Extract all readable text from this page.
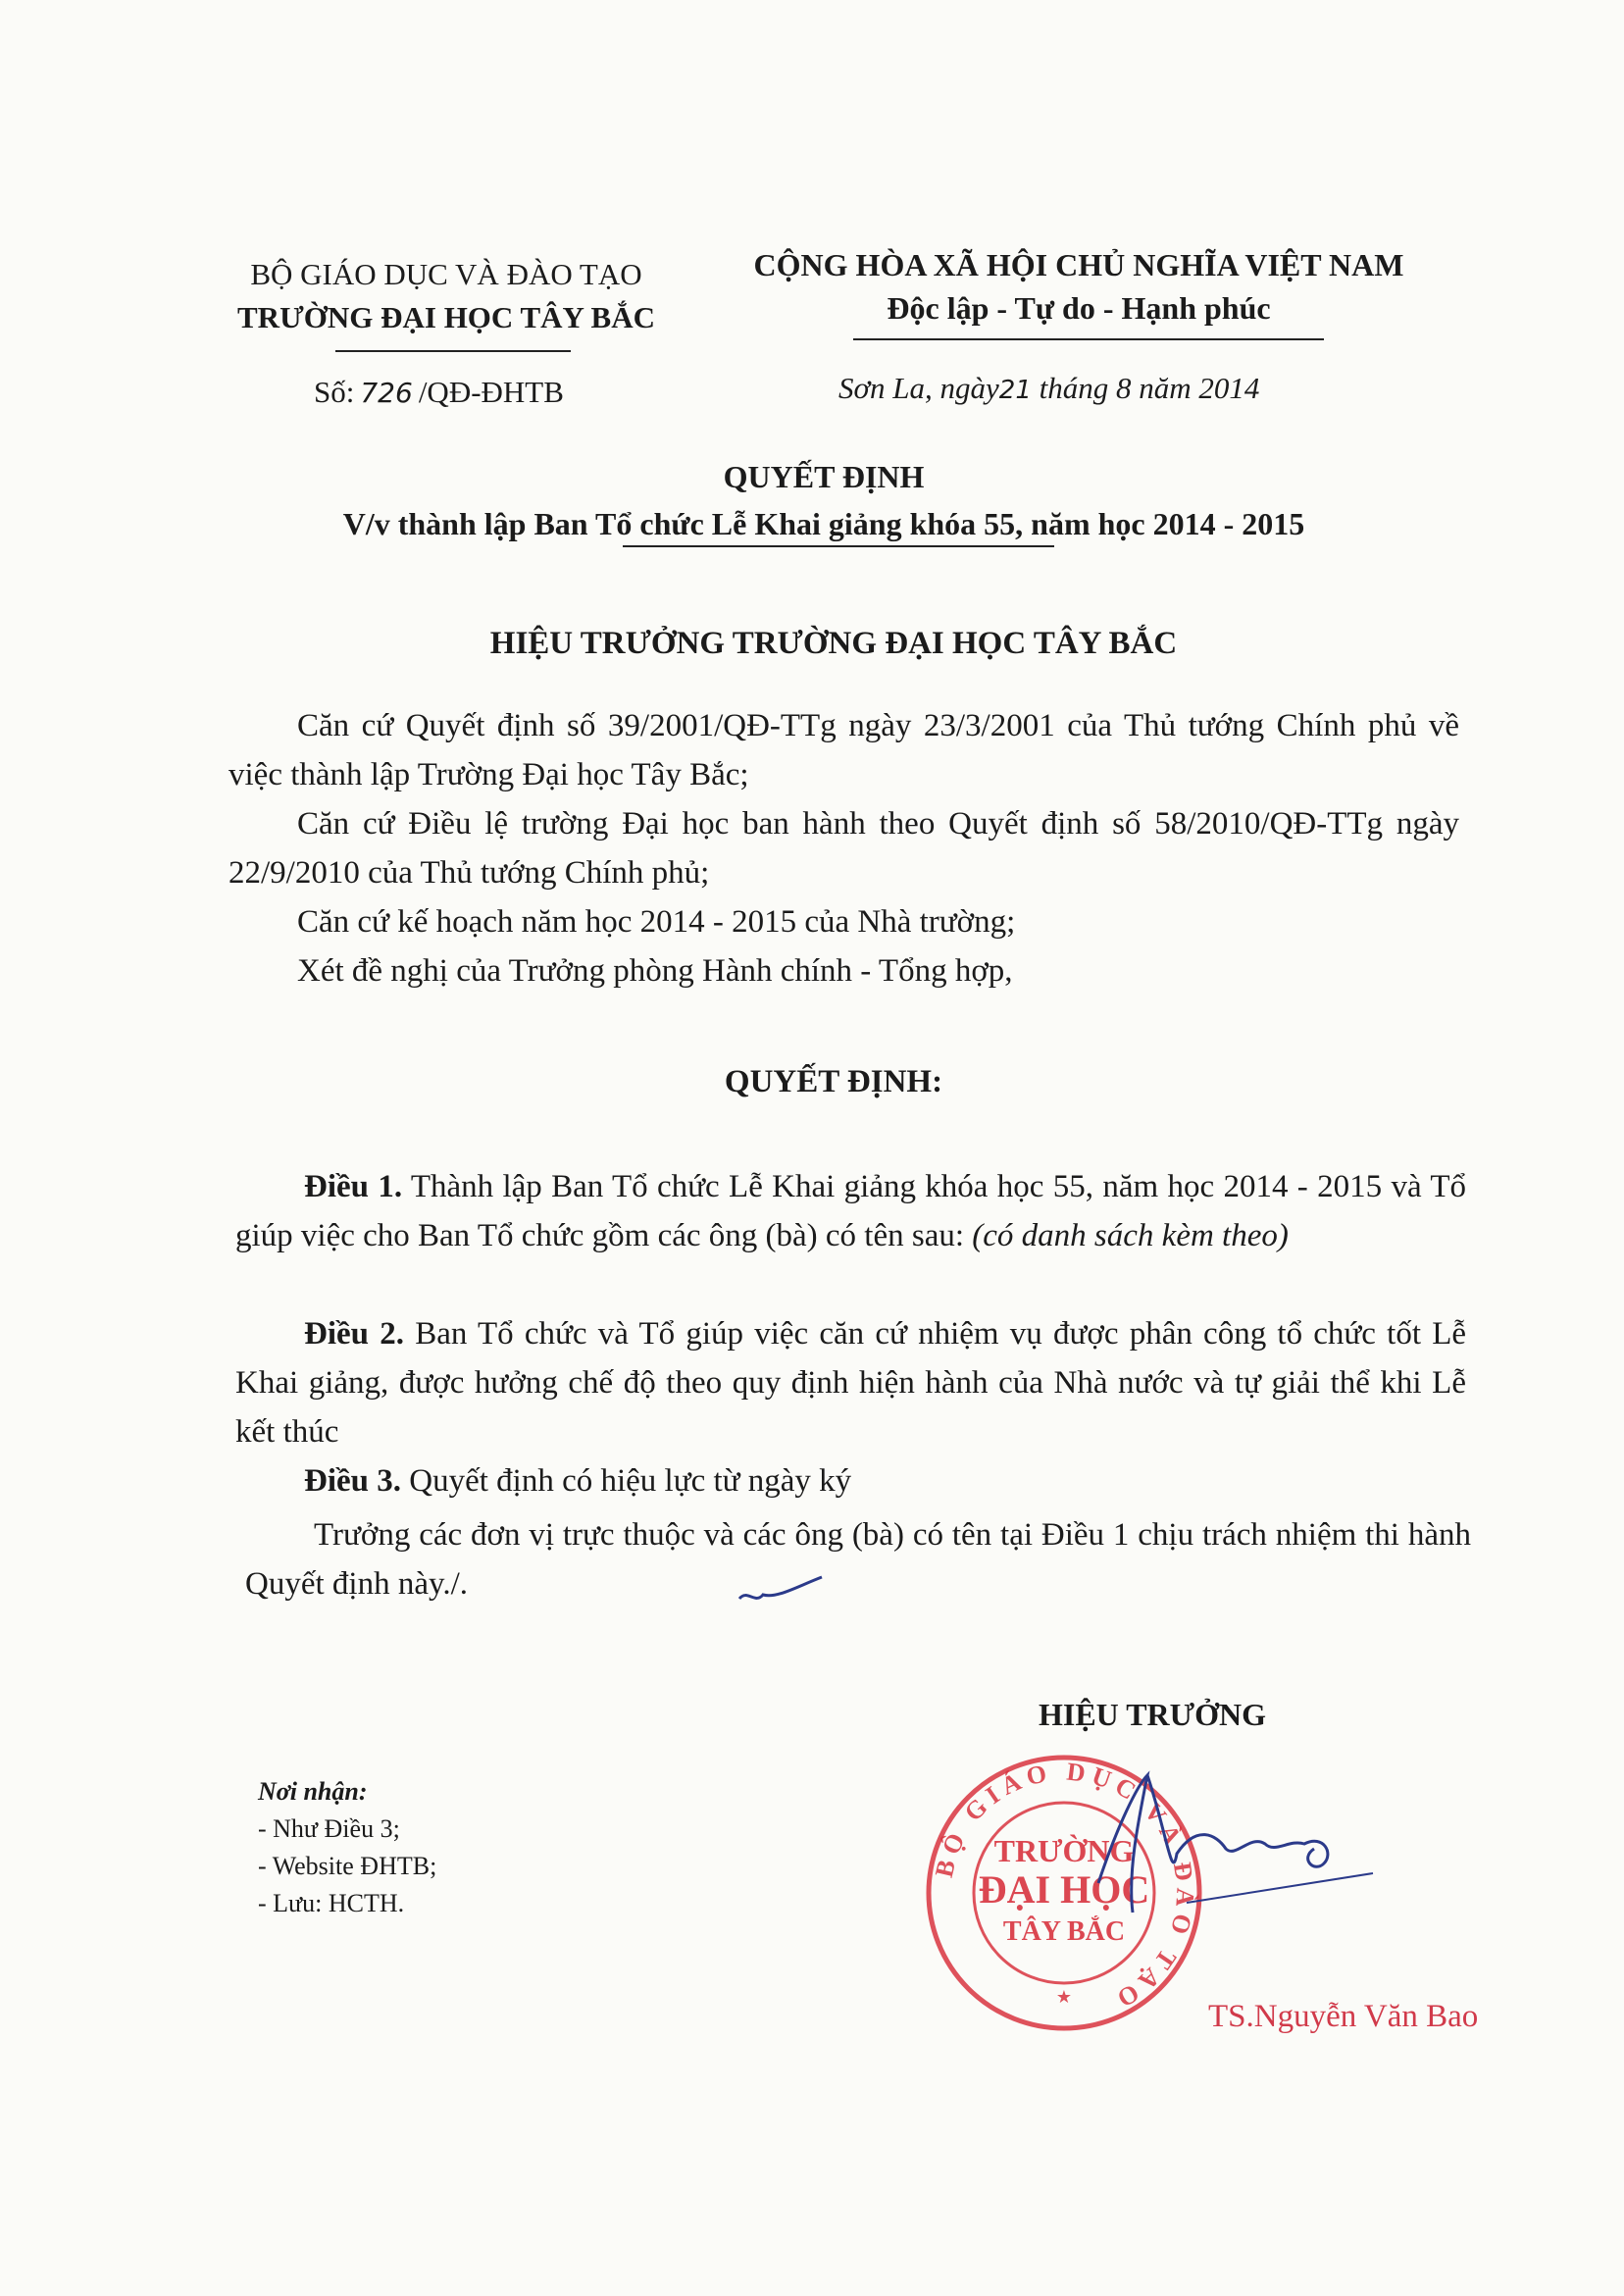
BỘ GIÁO DỤC VÀ ĐÀO TẠO
TRƯỜNG ĐẠI HỌC TÂY BẮC
CỘNG HÒA XÃ HỘI CHỦ NGHĨA VIỆT NAM
Độc lập - Tự do - Hạnh phúc
Số: 726 /QĐ-ĐHTB	Sơn La, ngày21 tháng 8 năm 2014
QUYẾT ĐỊNH
V/v thành lập Ban Tổ chức Lễ Khai giảng khóa 55, năm học 2014 - 2015
HIỆU TRƯỞNG TRƯỜNG ĐẠI HỌC TÂY BẮC
Căn cứ Quyết định số 39/2001/QĐ-TTg ngày 23/3/2001 của Thủ tướng Chính phủ về việc thành lập Trường Đại học Tây Bắc;
Căn cứ Điều lệ trường Đại học ban hành theo Quyết định số 58/2010/QĐ-TTg ngày 22/9/2010 của Thủ tướng Chính phủ;
Căn cứ kế hoạch năm học 2014 - 2015 của Nhà trường;
Xét đề nghị của Trưởng phòng Hành chính - Tổng hợp,
QUYẾT ĐỊNH:
Điều 1. Thành lập Ban Tổ chức Lễ Khai giảng khóa học 55, năm học 2014 - 2015 và Tổ giúp việc cho Ban Tổ chức gồm các ông (bà) có tên sau: (có danh sách kèm theo)
Điều 2. Ban Tổ chức và Tổ giúp việc căn cứ nhiệm vụ được phân công tổ chức tốt Lễ Khai giảng, được hưởng chế độ theo quy định hiện hành của Nhà nước và tự giải thể khi Lễ kết thúc
Điều 3. Quyết định có hiệu lực từ ngày ký
Trưởng các đơn vị trực thuộc và các ông (bà) có tên tại Điều 1 chịu trách nhiệm thi hành Quyết định này./.
HIỆU TRƯỞNG
Nơi nhận:
- Như Điều 3;
- Website ĐHTB;
- Lưu: HCTH.
BỘ GIÁO DỤC VÀ ĐÀO TẠO
TRƯỜNG
ĐẠI HỌC
TÂY BẮC
★
TS.Nguyễn Văn Bao
